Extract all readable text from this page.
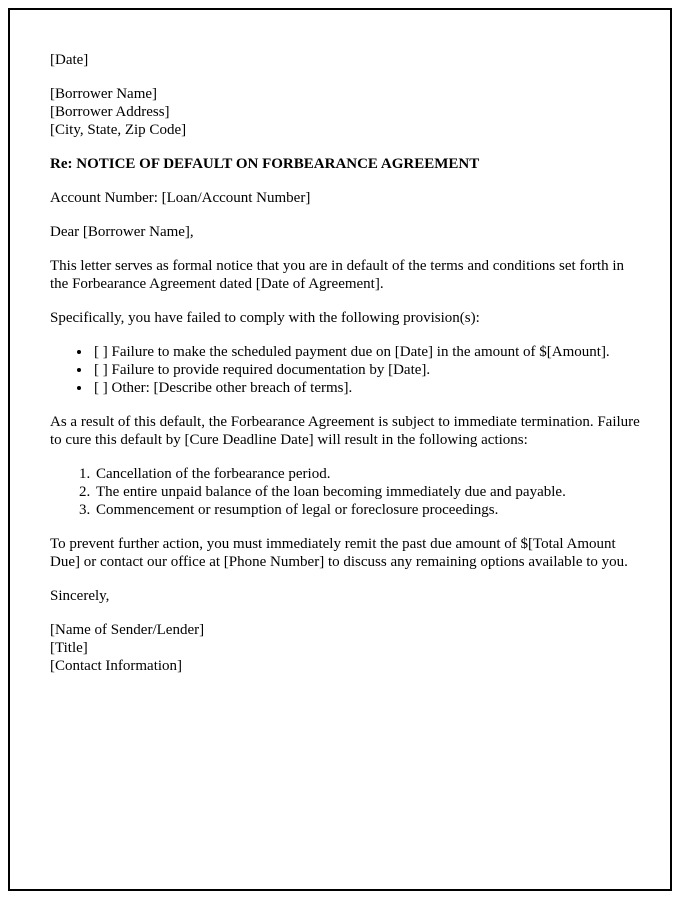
[Date]

[Borrower Name]
[Borrower Address]
[City, State, Zip Code]

Re: NOTICE OF DEFAULT ON FORBEARANCE AGREEMENT

Account Number: [Loan/Account Number]

Dear [Borrower Name],

This letter serves as formal notice that you are in default of the terms and conditions set forth in the Forbearance Agreement dated [Date of Agreement].

Specifically, you have failed to comply with the following provision(s):

• [ ] Failure to make the scheduled payment due on [Date] in the amount of $[Amount].
• [ ] Failure to provide required documentation by [Date].
• [ ] Other: [Describe other breach of terms].

As a result of this default, the Forbearance Agreement is subject to immediate termination. Failure to cure this default by [Cure Deadline Date] will result in the following actions:

1. Cancellation of the forbearance period.
2. The entire unpaid balance of the loan becoming immediately due and payable.
3. Commencement or resumption of legal or foreclosure proceedings.

To prevent further action, you must immediately remit the past due amount of $[Total Amount Due] or contact our office at [Phone Number] to discuss any remaining options available to you.

Sincerely,

[Name of Sender/Lender]
[Title]
[Contact Information]
